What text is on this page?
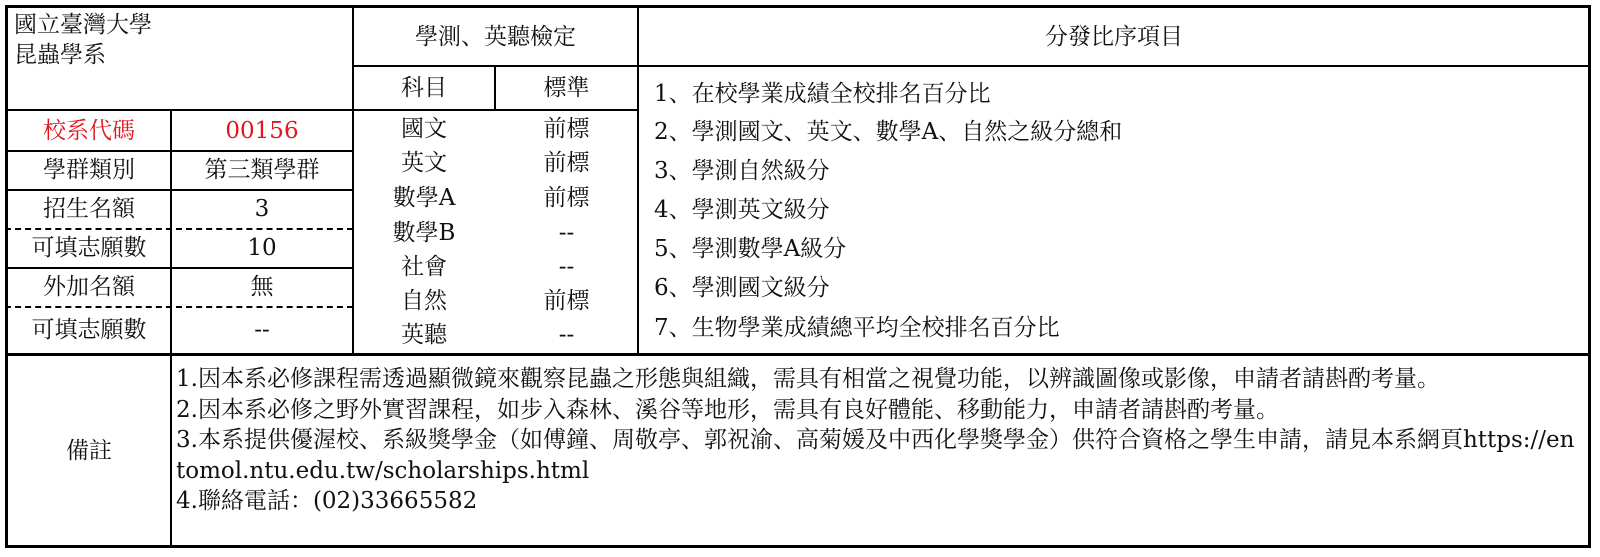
國立臺灣大學
昆蟲學系
學測、英聽檢定
科目	標準
分發比序項目
校系代碼	00156
學群類別	第三類學群
招生名額	3
可填志願數	10
外加名額	無
可填志願數	--
國文	前標
英文	前標
數學A	前標
數學B	--
社會	--
自然	前標
英聽	--
1、在校學業成績全校排名百分比
2、學測國文、英文、數學A、自然之級分總和
3、學測自然級分
4、學測英文級分
5、學測數學A級分
6、學測國文級分
7、生物學業成績總平均全校排名百分比
備註
1.因本系必修課程需透過顯微鏡來觀察昆蟲之形態與組織，需具有相當之視覺功能，以辨識圖像或影像，申請者請斟酌考量。
2.因本系必修之野外實習課程，如步入森林、溪谷等地形，需具有良好體能、移動能力，申請者請斟酌考量。
3.本系提供優渥校、系級獎學金（如傅鐘、周敬亭、郭祝渝、高菊媛及中西化學獎學金）供符合資格之學生申請，請見本系網頁https://entomol.ntu.edu.tw/scholarships.html
4.聯絡電話：(02)33665582
